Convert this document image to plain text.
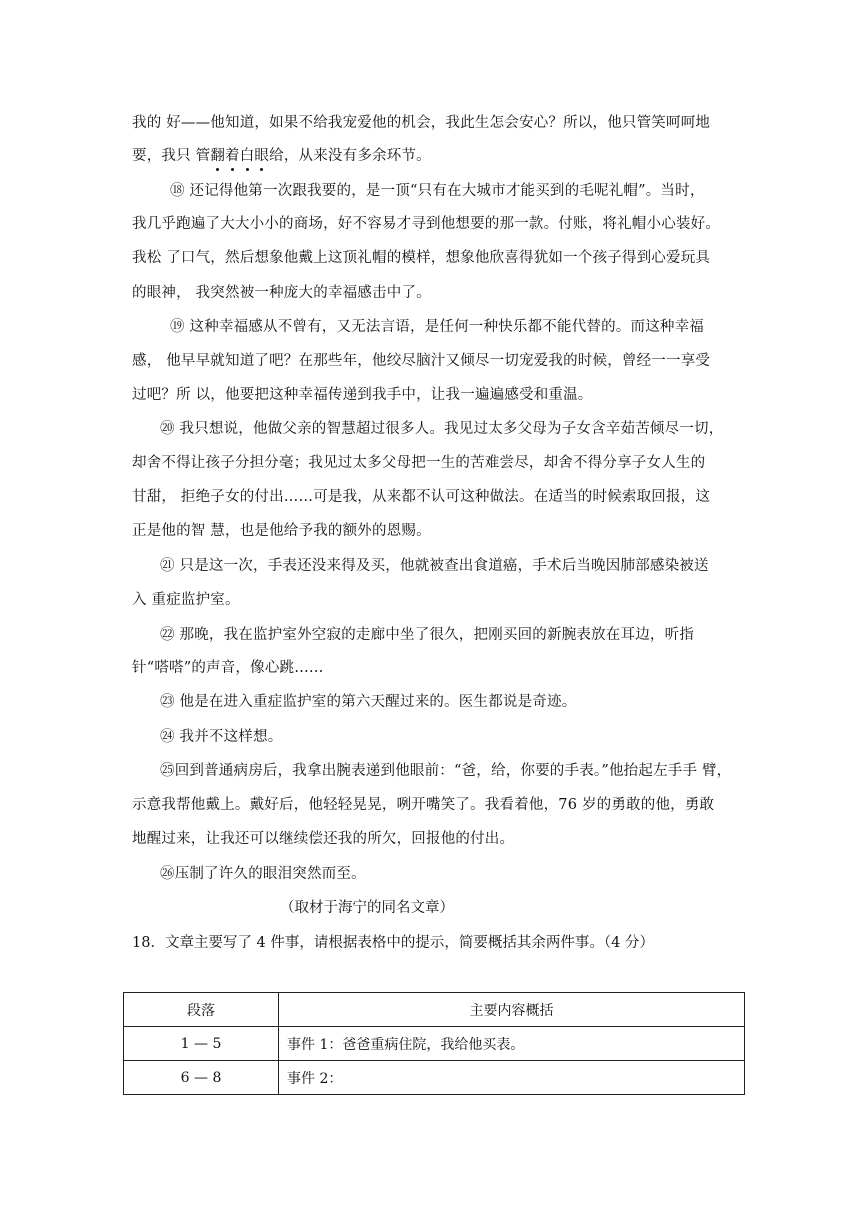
我的 好——他知道，如果不给我宠爱他的机会，我此生怎会安心？所以，他只管笑呵呵地
要，我只 管翻着白眼给，从来没有多余环节。
⑱ 还记得他第一次跟我要的，是一顶“只有在大城市才能买到的毛呢礼帽”。当时，
我几乎跑遍了大大小小的商场，好不容易才寻到他想要的那一款。付账，将礼帽小心装好。
我松 了口气，然后想象他戴上这顶礼帽的模样，想象他欣喜得犹如一个孩子得到心爱玩具
的眼神， 我突然被一种庞大的幸福感击中了。
⑲ 这种幸福感从不曾有，又无法言语，是任何一种快乐都不能代替的。而这种幸福
感， 他早早就知道了吧？在那些年，他绞尽脑汁又倾尽一切宠爱我的时候，曾经一一享受
过吧？所 以，他要把这种幸福传递到我手中，让我一遍遍感受和重温。
⑳ 我只想说，他做父亲的智慧超过很多人。我见过太多父母为子女含辛茹苦倾尽一切，
却舍不得让孩子分担分毫；我见过太多父母把一生的苦难尝尽，却舍不得分享子女人生的
甘甜， 拒绝子女的付出……可是我，从来都不认可这种做法。在适当的时候索取回报，这
正是他的智 慧，也是他给予我的额外的恩赐。
㉑ 只是这一次，手表还没来得及买，他就被查出食道癌，手术后当晚因肺部感染被送
入 重症监护室。
㉒ 那晚，我在监护室外空寂的走廊中坐了很久，把刚买回的新腕表放在耳边，听指
针“嗒嗒”的声音，像心跳……
㉓ 他是在进入重症监护室的第六天醒过来的。医生都说是奇迹。
㉔ 我并不这样想。
㉕回到普通病房后，我拿出腕表递到他眼前：“爸，给，你要的手表。”他抬起左手手 臂，
示意我帮他戴上。戴好后，他轻轻晃晃，咧开嘴笑了。我看着他，76 岁的勇敢的他，勇敢
地醒过来，让我还可以继续偿还我的所欠，回报他的付出。
㉖压制了许久的眼泪突然而至。
（取材于海宁的同名文章）
18．文章主要写了 4 件事，请根据表格中的提示，简要概括其余两件事。（4 分）
段落	主要内容概括
1 — 5	事件 1：爸爸重病住院，我给他买表。
6 — 8	事件 2：
